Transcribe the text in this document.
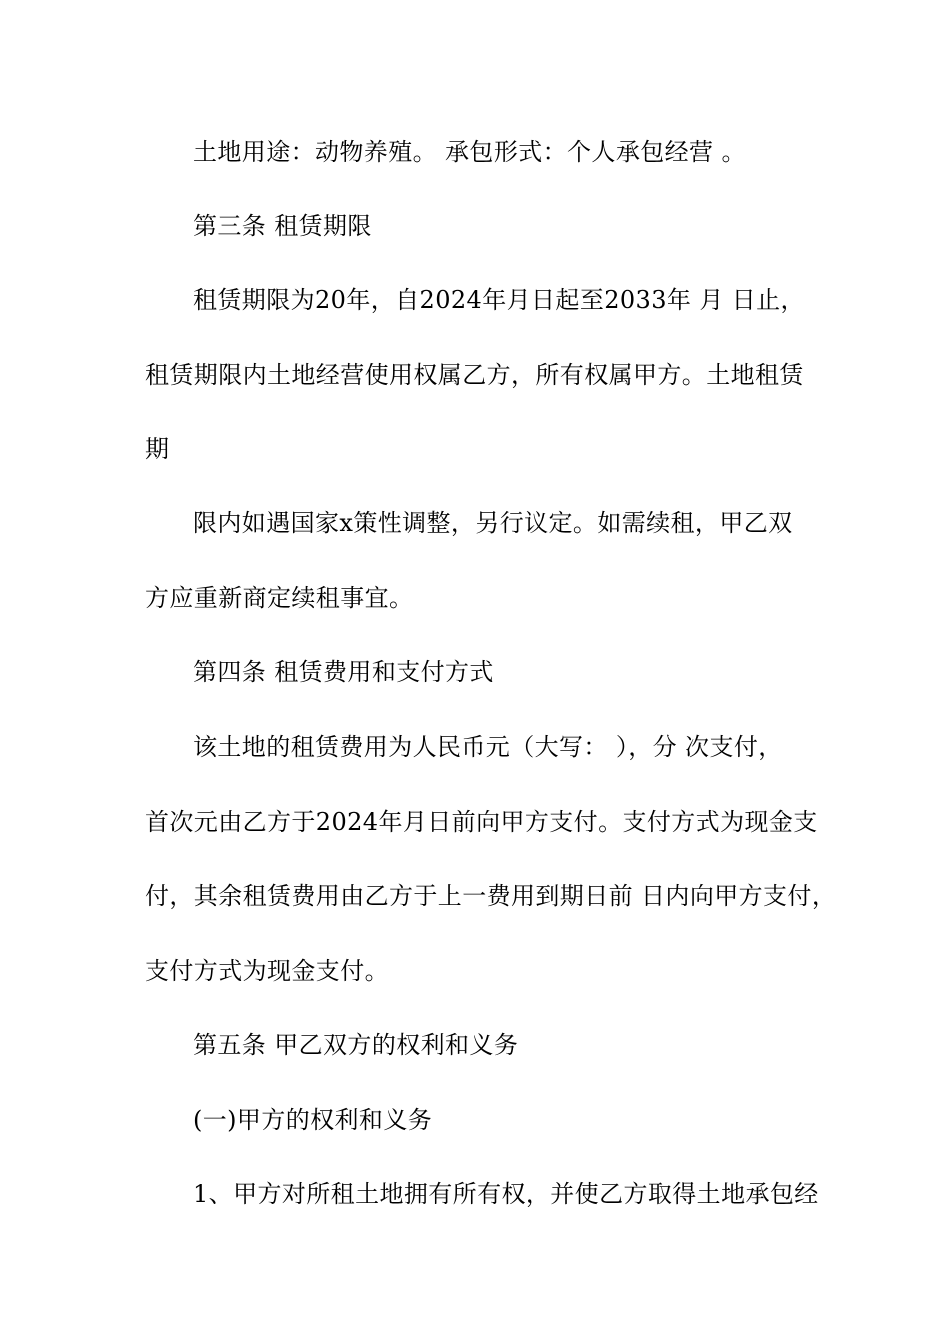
土地用途：动物养殖。 承包形式：个人承包经营 。
第三条 租赁期限
租赁期限为20年，自2024年月日起至2033年 月 日止，
租赁期限内土地经营使用权属乙方，所有权属甲方。土地租赁
期
限内如遇国家x策性调整，另行议定。如需续租，甲乙双
方应重新商定续租事宜。
第四条 租赁费用和支付方式
该土地的租赁费用为人民币元（大写： ），分 次支付，
首次元由乙方于2024年月日前向甲方支付。支付方式为现金支
付，其余租赁费用由乙方于上一费用到期日前 日内向甲方支付，
支付方式为现金支付。
第五条 甲乙双方的权利和义务
(一)甲方的权利和义务
1、甲方对所租土地拥有所有权，并使乙方取得土地承包经
